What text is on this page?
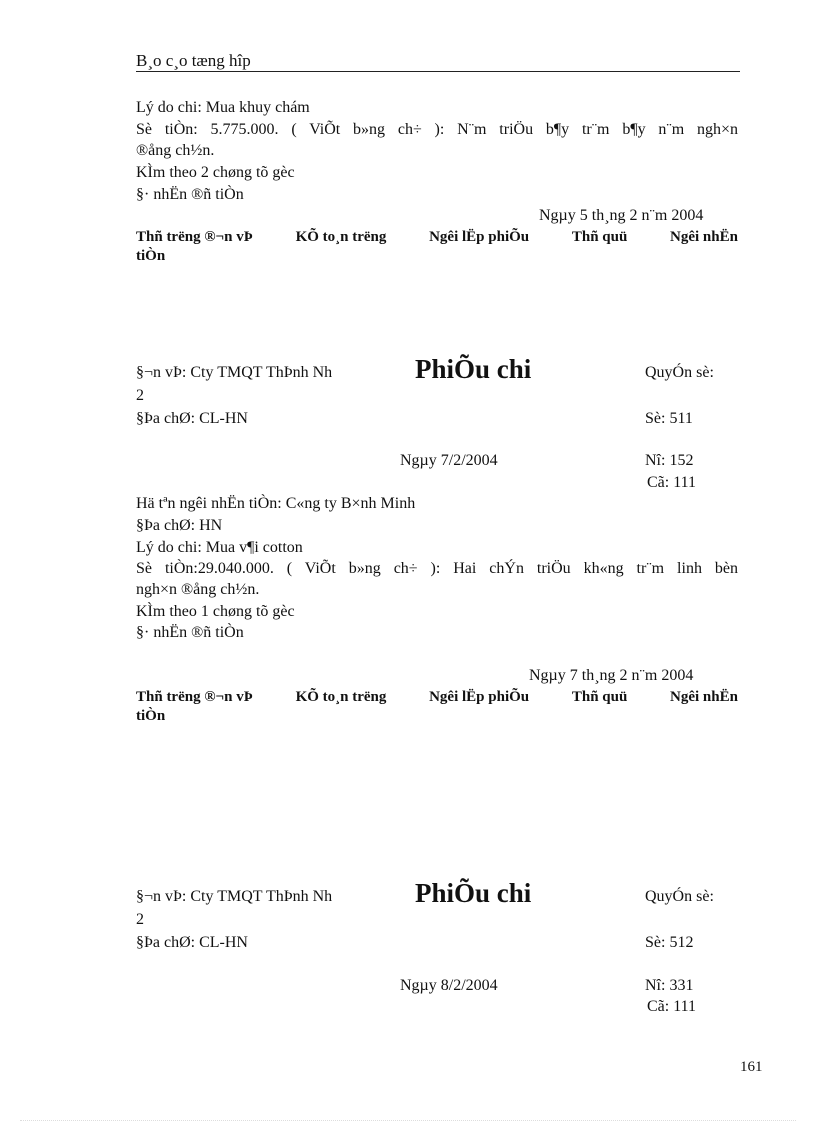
B¸o c¸o tæng hîp
Lý do chi: Mua khuy chám
Sè tiÒn: 5.775.000. ( ViÕt b»ng ch÷ ): N¨m triÖu b¶y tr¨m b¶y n¨m ngh×n
®ång ch½n.
KÌm theo 2 chøng tõ gèc
§· nhËn ®ñ tiÒn
Ngµy 5 th¸ng 2 n¨m 2004
Thñ trëng ®¬n vÞ	KÕ to¸n trëng	Ngêi lËp phiÕu	Thñ quü	Ngêi nhËn
tiÒn
§¬n vÞ: Cty TMQT ThÞnh Nh	PhiÕu chi	QuyÓn sè:
2
§Þa chØ: CL-HN	Sè: 511
Ngµy 7/2/2004	Nî: 152
Cã: 111
Hä tªn ngêi nhËn tiÒn: C«ng ty B×nh Minh
§Þa chØ: HN
Lý do chi: Mua v¶i cotton
Sè tiÒn:29.040.000. ( ViÕt b»ng ch÷ ): Hai chÝn triÖu kh«ng tr¨m linh bèn
ngh×n ®ång ch½n.
KÌm theo 1 chøng tõ gèc
§· nhËn ®ñ tiÒn
Ngµy 7 th¸ng 2 n¨m 2004
Thñ trëng ®¬n vÞ	KÕ to¸n trëng	Ngêi lËp phiÕu	Thñ quü	Ngêi nhËn
tiÒn
§¬n vÞ: Cty TMQT ThÞnh Nh	PhiÕu chi	QuyÓn sè:
2
§Þa chØ: CL-HN	Sè: 512
Ngµy 8/2/2004	Nî: 331
Cã: 111
161
